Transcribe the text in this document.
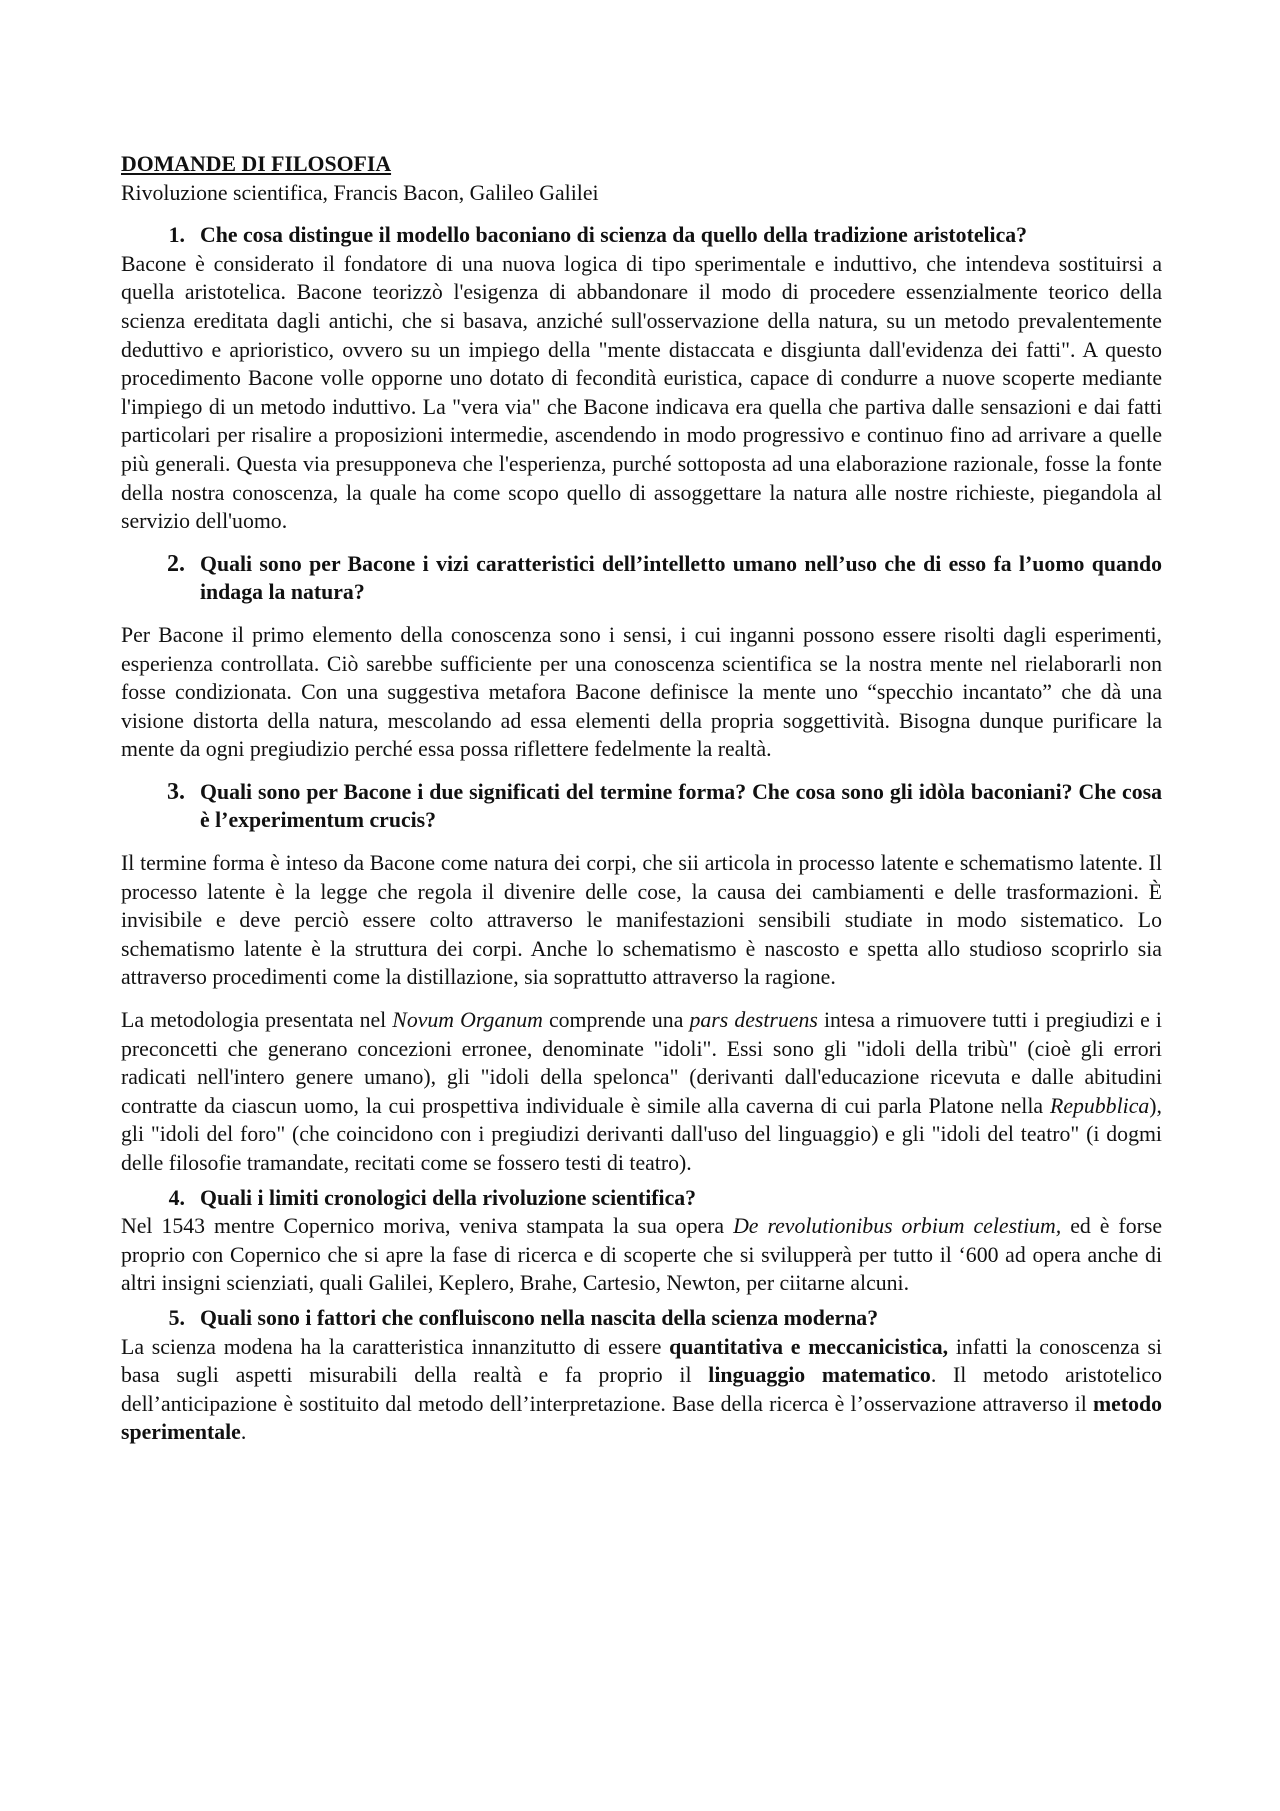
DOMANDE DI FILOSOFIA

Rivoluzione scientifica, Francis Bacon, Galileo Galilei

1. Che cosa distingue il modello baconiano di scienza da quello della tradizione aristotelica?

Bacone è considerato il fondatore di una nuova logica di tipo sperimentale e induttivo, che intendeva sostituirsi a quella aristotelica. Bacone teorizzò l'esigenza di abbandonare il modo di procedere essenzialmente teorico della scienza ereditata dagli antichi, che si basava, anziché sull'osservazione della natura, su un metodo prevalentemente deduttivo e aprioristico, ovvero su un impiego della "mente distaccata e disgiunta dall'evidenza dei fatti". A questo procedimento Bacone volle opporne uno dotato di fecondità euristica, capace di condurre a nuove scoperte mediante l'impiego di un metodo induttivo. La "vera via" che Bacone indicava era quella che partiva dalle sensazioni e dai fatti particolari per risalire a proposizioni intermedie, ascendendo in modo progressivo e continuo fino ad arrivare a quelle più generali. Questa via presupponeva che l'esperienza, purché sottoposta ad una elaborazione razionale, fosse la fonte della nostra conoscenza, la quale ha come scopo quello di assoggettare la natura alle nostre richieste, piegandola al servizio dell'uomo.

2. Quali sono per Bacone i vizi caratteristici dell’intelletto umano nell’uso che di esso fa l’uomo quando indaga la natura?

Per Bacone il primo elemento della conoscenza sono i sensi, i cui inganni possono essere risolti dagli esperimenti, esperienza controllata. Ciò sarebbe sufficiente per una conoscenza scientifica se la nostra mente nel rielaborarli non fosse condizionata. Con una suggestiva metafora Bacone definisce la mente uno “specchio incantato” che dà una visione distorta della natura, mescolando ad essa elementi della propria soggettività. Bisogna dunque purificare la mente da ogni pregiudizio perché essa possa riflettere fedelmente la realtà.

3. Quali sono per Bacone i due significati del termine forma? Che cosa sono gli idòla baconiani? Che cosa è l’experimentum crucis?

Il termine forma è inteso da Bacone come natura dei corpi, che sii articola in processo latente e schematismo latente. Il processo latente è la legge che regola il divenire delle cose, la causa dei cambiamenti e delle trasformazioni. È invisibile e deve perciò essere colto attraverso le manifestazioni sensibili studiate in modo sistematico. Lo schematismo latente è la struttura dei corpi. Anche lo schematismo è nascosto e spetta allo studioso scoprirlo sia attraverso procedimenti come la distillazione, sia soprattutto attraverso la ragione.

La metodologia presentata nel Novum Organum comprende una pars destruens intesa a rimuovere tutti i pregiudizi e i preconcetti che generano concezioni erronee, denominate "idoli". Essi sono gli "idoli della tribù" (cioè gli errori radicati nell'intero genere umano), gli "idoli della spelonca" (derivanti dall'educazione ricevuta e dalle abitudini contratte da ciascun uomo, la cui prospettiva individuale è simile alla caverna di cui parla Platone nella Repubblica), gli "idoli del foro" (che coincidono con i pregiudizi derivanti dall'uso del linguaggio) e gli "idoli del teatro" (i dogmi delle filosofie tramandate, recitati come se fossero testi di teatro).

4. Quali i limiti cronologici della rivoluzione scientifica?

Nel 1543 mentre Copernico moriva, veniva stampata la sua opera De revolutionibus orbium celestium, ed è forse proprio con Copernico che si apre la fase di ricerca e di scoperte che si svilupperà per tutto il ‘600 ad opera anche di altri insigni scienziati, quali Galilei, Keplero, Brahe, Cartesio, Newton, per ciitarne alcuni.

5. Quali sono i fattori che confluiscono nella nascita della scienza moderna?

La scienza modena ha la caratteristica innanzitutto di essere quantitativa e meccanicistica, infatti la conoscenza si basa sugli aspetti misurabili della realtà e fa proprio il linguaggio matematico. Il metodo aristotelico dell’anticipazione è sostituito dal metodo dell’interpretazione. Base della ricerca è l’osservazione attraverso il metodo sperimentale.
